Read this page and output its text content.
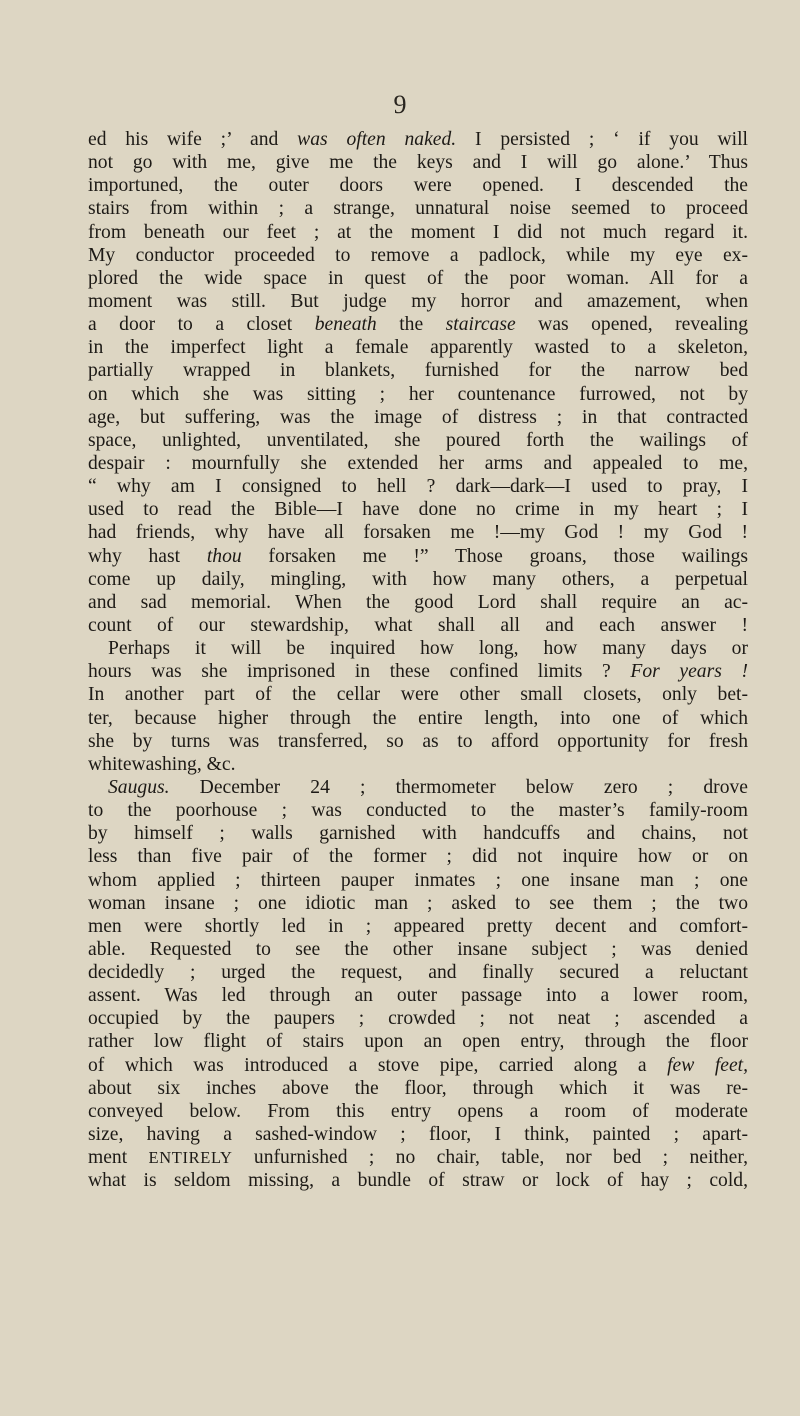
9
ed his wife ;’ and was often naked. I persisted ; ‘ if you will
not go with me, give me the keys and I will go alone.’ Thus
importuned, the outer doors were opened. I descended the
stairs from within ; a strange, unnatural noise seemed to proceed
from beneath our feet ; at the moment I did not much regard it.
My conductor proceeded to remove a padlock, while my eye ex-
plored the wide space in quest of the poor woman. All for a
moment was still. But judge my horror and amazement, when
a door to a closet beneath the staircase was opened, revealing
in the imperfect light a female apparently wasted to a skeleton,
partially wrapped in blankets, furnished for the narrow bed
on which she was sitting ; her countenance furrowed, not by
age, but suffering, was the image of distress ; in that contracted
space, unlighted, unventilated, she poured forth the wailings of
despair : mournfully she extended her arms and appealed to me,
“ why am I consigned to hell ? dark—dark—I used to pray, I
used to read the Bible—I have done no crime in my heart ; I
had friends, why have all forsaken me !—my God ! my God !
why hast thou forsaken me !” Those groans, those wailings
come up daily, mingling, with how many others, a perpetual
and sad memorial. When the good Lord shall require an ac-
count of our stewardship, what shall all and each answer !
Perhaps it will be inquired how long, how many days or
hours was she imprisoned in these confined limits ? For years !
In another part of the cellar were other small closets, only bet-
ter, because higher through the entire length, into one of which
she by turns was transferred, so as to afford opportunity for fresh
whitewashing, &c.
Saugus. December 24 ; thermometer below zero ; drove
to the poorhouse ; was conducted to the master’s family-room
by himself ; walls garnished with handcuffs and chains, not
less than five pair of the former ; did not inquire how or on
whom applied ; thirteen pauper inmates ; one insane man ; one
woman insane ; one idiotic man ; asked to see them ; the two
men were shortly led in ; appeared pretty decent and comfort-
able. Requested to see the other insane subject ; was denied
decidedly ; urged the request, and finally secured a reluctant
assent. Was led through an outer passage into a lower room,
occupied by the paupers ; crowded ; not neat ; ascended a
rather low flight of stairs upon an open entry, through the floor
of which was introduced a stove pipe, carried along a few feet,
about six inches above the floor, through which it was re-
conveyed below. From this entry opens a room of moderate
size, having a sashed-window ; floor, I think, painted ; apart-
ment ENTIRELY unfurnished ; no chair, table, nor bed ; neither,
what is seldom missing, a bundle of straw or lock of hay ; cold,
